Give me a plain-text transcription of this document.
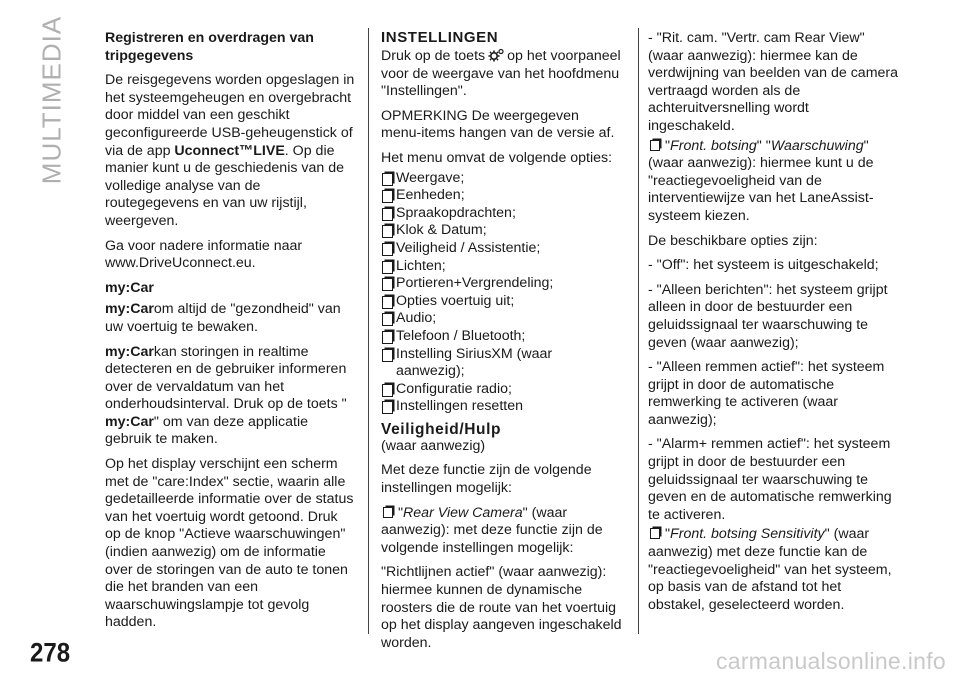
MULTIMEDIA	Registreren en overdragen van tripgegevens

De reisgegevens worden opgeslagen in het systeemgeheugen en overgebracht door middel van een geschikt geconfigureerde USB-geheugenstick of via de app Uconnect™LIVE. Op die manier kunt u de geschiedenis van de volledige analyse van de routegegevens en van uw rijstijl, weergeven.

Ga voor nadere informatie naar www.DriveUconnect.eu.

my:Car

my:Carom altijd de "gezondheid" van uw voertuig te bewaken.

my:Carkan storingen in realtime detecteren en de gebruiker informeren over de vervaldatum van het onderhoudsinterval. Druk op de toets "
my:Car" om van deze applicatie gebruik te maken.

Op het display verschijnt een scherm met de "care:Index" sectie, waarin alle gedetailleerde informatie over de status van het voertuig wordt getoond. Druk op de knop "Actieve waarschuwingen" (indien aanwezig) om de informatie over de storingen van de auto te tonen die het branden van een waarschuwingslampje tot gevolg hadden.

INSTELLINGEN

Druk op de toets op het voorpaneel voor de weergave van het hoofdmenu "Instellingen".

OPMERKING De weergegeven menu-items hangen van de versie af.

Het menu omvat de volgende opties:

Weergave;

Eenheden;

Spraakopdrachten;

Klok & Datum;

Veiligheid / Assistentie;

Lichten;

Portieren+Vergrendeling;

Opties voertuig uit;

Audio;

Telefoon / Bluetooth;

Instelling SiriusXM (waar aanwezig);

Configuratie radio;

Instellingen resetten

Veiligheid/Hulp

(waar aanwezig)

Met deze functie zijn de volgende instellingen mogelijk:

"Rear View Camera" (waar aanwezig): met deze functie zijn de volgende instellingen mogelijk:

"Richtlijnen actief" (waar aanwezig): hiermee kunnen de dynamische roosters die de route van het voertuig op het display aangeven ingeschakeld worden.

- "Rit. cam. "Vertr. cam Rear View" (waar aanwezig): hiermee kan de verdwijning van beelden van de camera vertraagd worden als de achteruitversnelling wordt ingeschakeld.

"Front. botsing" "Waarschuwing" (waar aanwezig): hiermee kunt u de "reactiegevoeligheid van de interventiewijze van het LaneAssist-systeem kiezen.

De beschikbare opties zijn:

- "Off": het systeem is uitgeschakeld;

- "Alleen berichten": het systeem grijpt alleen in door de bestuurder een geluidssignaal ter waarschuwing te geven (waar aanwezig);

- "Alleen remmen actief": het systeem grijpt in door de automatische remwerking te activeren (waar aanwezig);

- "Alarm+ remmen actief": het systeem grijpt in door de bestuurder een geluidssignaal ter waarschuwing te geven en de automatische remwerking te activeren.

"Front. botsing Sensitivity" (waar aanwezig) met deze functie kan de "reactiegevoeligheid" van het systeem, op basis van de afstand tot het obstakel, geselecteerd worden.

278	carmanualsonline.info
